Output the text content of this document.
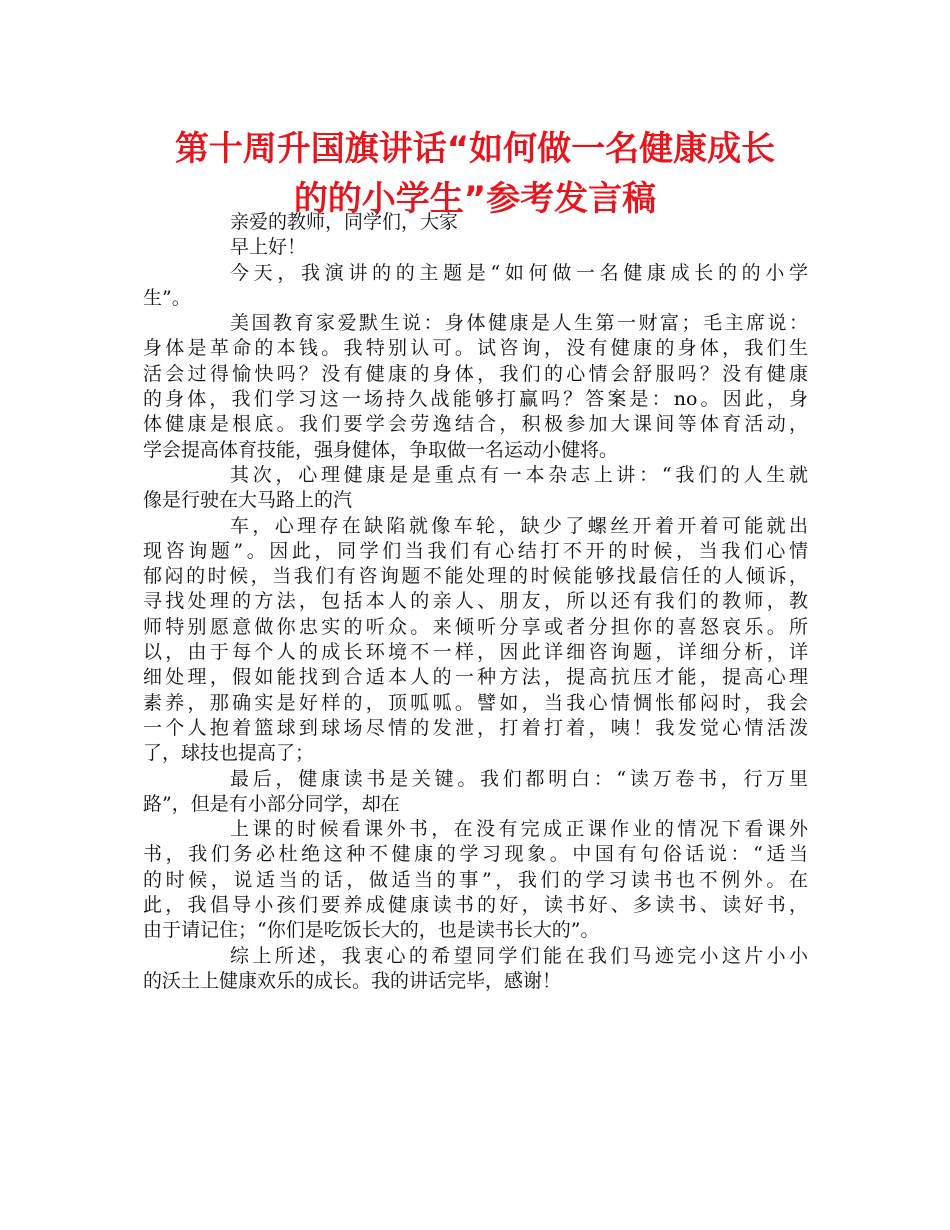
第十周升国旗讲话“如何做一名健康成长
的的小学生”参考发言稿
亲爱的教师，同学们，大家
早上好！
今天，我演讲的的主题是“如何做一名健康成长的的小学
生”。
美国教育家爱默生说：身体健康是人生第一财富；毛主席说：
身体是革命的本钱。我特别认可。试咨询，没有健康的身体，我们生
活会过得愉快吗？没有健康的身体，我们的心情会舒服吗？没有健康
的身体，我们学习这一场持久战能够打赢吗？答案是：no。因此，身
体健康是根底。我们要学会劳逸结合，积极参加大课间等体育活动，
学会提高体育技能，强身健体，争取做一名运动小健将。
其次，心理健康是是重点有一本杂志上讲：“我们的人生就
像是行驶在大马路上的汽
车，心理存在缺陷就像车轮，缺少了螺丝开着开着可能就出
现咨询题”。因此，同学们当我们有心结打不开的时候，当我们心情
郁闷的时候，当我们有咨询题不能处理的时候能够找最信任的人倾诉，
寻找处理的方法，包括本人的亲人、朋友，所以还有我们的教师，教
师特别愿意做你忠实的听众。来倾听分享或者分担你的喜怒哀乐。所
以，由于每个人的成长环境不一样，因此详细咨询题，详细分析，详
细处理，假如能找到合适本人的一种方法，提高抗压才能，提高心理
素养，那确实是好样的，顶呱呱。譬如，当我心情惆怅郁闷时，我会
一个人抱着篮球到球场尽情的发泄，打着打着，咦！我发觉心情活泼
了，球技也提高了；
最后，健康读书是关键。我们都明白：“读万卷书，行万里
路”，但是有小部分同学，却在
上课的时候看课外书，在没有完成正课作业的情况下看课外
书，我们务必杜绝这种不健康的学习现象。中国有句俗话说：“适当
的时候，说适当的话，做适当的事”，我们的学习读书也不例外。在
此，我倡导小孩们要养成健康读书的好，读书好、多读书、读好书，
由于请记住；“你们是吃饭长大的，也是读书长大的”。
综上所述，我衷心的希望同学们能在我们马迹完小这片小小
的沃土上健康欢乐的成长。我的讲话完毕，感谢！
